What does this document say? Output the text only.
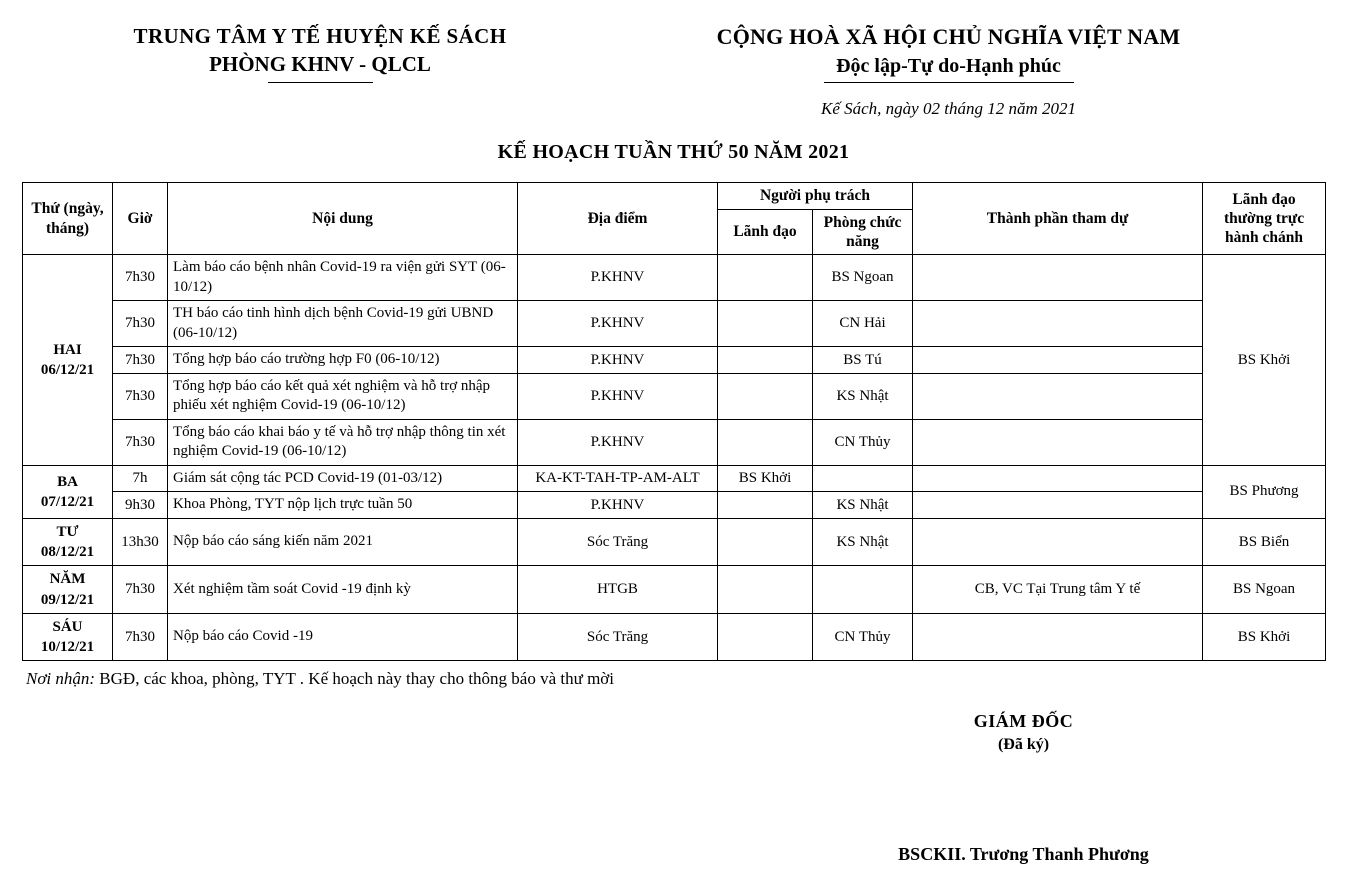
TRUNG TÂM Y TẾ HUYỆN KẾ SÁCH
PHÒNG KHNV - QLCL
CỘNG HOÀ XÃ HỘI CHỦ NGHĨA VIỆT NAM
Độc lập-Tự do-Hạnh phúc
Kế Sách, ngày 02 tháng 12 năm 2021
KẾ HOẠCH TUẦN THỨ 50 NĂM 2021
Thứ (ngày, tháng)	Giờ	Nội dung	Địa điểm	Người phụ trách		Thành phần tham dự	Lãnh đạo thường trực hành chánh
				Lãnh đạo	Phòng chức năng		

HAI
06/12/21	7h30	Làm báo cáo bệnh nhân Covid-19 ra viện gửi SYT (06-10/12)	P.KHNV		BS Ngoan		BS Khởi
	7h30	TH báo cáo tinh hình dịch bệnh Covid-19 gửi UBND (06-10/12)	P.KHNV		CN Hải		
	7h30	Tổng hợp báo cáo trường hợp F0 (06-10/12)	P.KHNV		BS Tú		
	7h30	Tổng hợp báo cáo kết quả xét nghiệm và hỗ trợ nhập phiếu xét nghiệm Covid-19 (06-10/12)	P.KHNV		KS Nhật		
	7h30	Tổng báo cáo khai báo y tế và hỗ trợ nhập thông tin xét nghiệm Covid-19 (06-10/12)	P.KHNV		CN Thủy		

BA
07/12/21	7h	Giám sát cộng tác PCD Covid-19 (01-03/12)	KA-KT-TAH-TP-AM-ALT	BS Khởi			BS Phương
	9h30	Khoa Phòng, TYT nộp lịch trực tuần 50	P.KHNV		KS Nhật		

TƯ
08/12/21	13h30	Nộp báo cáo sáng kiến năm 2021	Sóc Trăng		KS Nhật		BS Biển

NĂM
09/12/21	7h30	Xét nghiệm tầm soát Covid -19 định kỳ	HTGB			CB, VC Tại Trung tâm Y tế	BS Ngoan

SÁU
10/12/21	7h30	Nộp báo cáo Covid -19	Sóc Trăng		CN Thủy		BS Khởi
Nơi nhận: BGĐ, các khoa, phòng, TYT . Kế hoạch này thay cho thông báo và thư mời
GIÁM ĐỐC
(Đã ký)
BSCKII. Trương Thanh Phương
